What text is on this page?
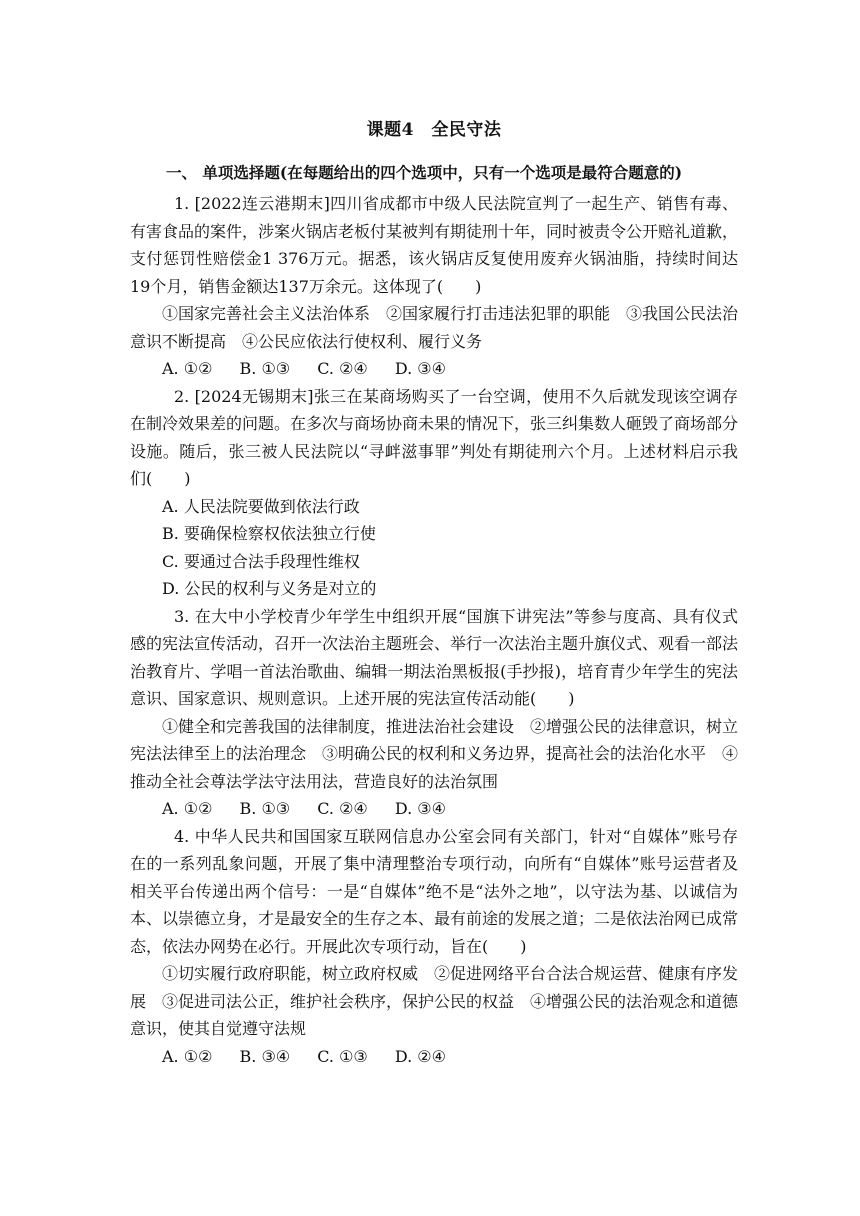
课题4　全民守法
一、 单项选择题(在每题给出的四个选项中，只有一个选项是最符合题意的)

1. [2022连云港期末]四川省成都市中级人民法院宣判了一起生产、销售有毒、有害食品的案件，涉案火锅店老板付某被判有期徒刑十年，同时被责令公开赔礼道歉，支付惩罚性赔偿金1 376万元。据悉，该火锅店反复使用废弃火锅油脂，持续时间达19个月，销售金额达137万余元。这体现了(　　)

①国家完善社会主义法治体系　②国家履行打击违法犯罪的职能　③我国公民法治意识不断提高　④公民应依法行使权利、履行义务

A. ①② B. ①③ C. ②④ D. ③④

2. [2024无锡期末]张三在某商场购买了一台空调，使用不久后就发现该空调存在制冷效果差的问题。在多次与商场协商未果的情况下，张三纠集数人砸毁了商场部分设施。随后，张三被人民法院以“寻衅滋事罪”判处有期徒刑六个月。上述材料启示我们(　　)

A. 人民法院要做到依法行政
B. 要确保检察权依法独立行使
C. 要通过合法手段理性维权
D. 公民的权利与义务是对立的

3. 在大中小学校青少年学生中组织开展“国旗下讲宪法”等参与度高、具有仪式感的宪法宣传活动，召开一次法治主题班会、举行一次法治主题升旗仪式、观看一部法治教育片、学唱一首法治歌曲、编辑一期法治黑板报(手抄报)，培育青少年学生的宪法意识、国家意识、规则意识。上述开展的宪法宣传活动能(　　)

①健全和完善我国的法律制度，推进法治社会建设　②增强公民的法律意识，树立宪法法律至上的法治理念　③明确公民的权利和义务边界，提高社会的法治化水平　④推动全社会尊法学法守法用法，营造良好的法治氛围

A. ①② B. ①③ C. ②④ D. ③④

4. 中华人民共和国国家互联网信息办公室会同有关部门，针对“自媒体”账号存在的一系列乱象问题，开展了集中清理整治专项行动，向所有“自媒体”账号运营者及相关平台传递出两个信号：一是“自媒体”绝不是“法外之地”，以守法为基、以诚信为本、以崇德立身，才是最安全的生存之本、最有前途的发展之道；二是依法治网已成常态，依法办网势在必行。开展此次专项行动，旨在(　　)

①切实履行政府职能，树立政府权威　②促进网络平台合法合规运营、健康有序发展　③促进司法公正，维护社会秩序，保护公民的权益　④增强公民的法治观念和道德意识，使其自觉遵守法规

A. ①② B. ③④ C. ①③ D. ②④
